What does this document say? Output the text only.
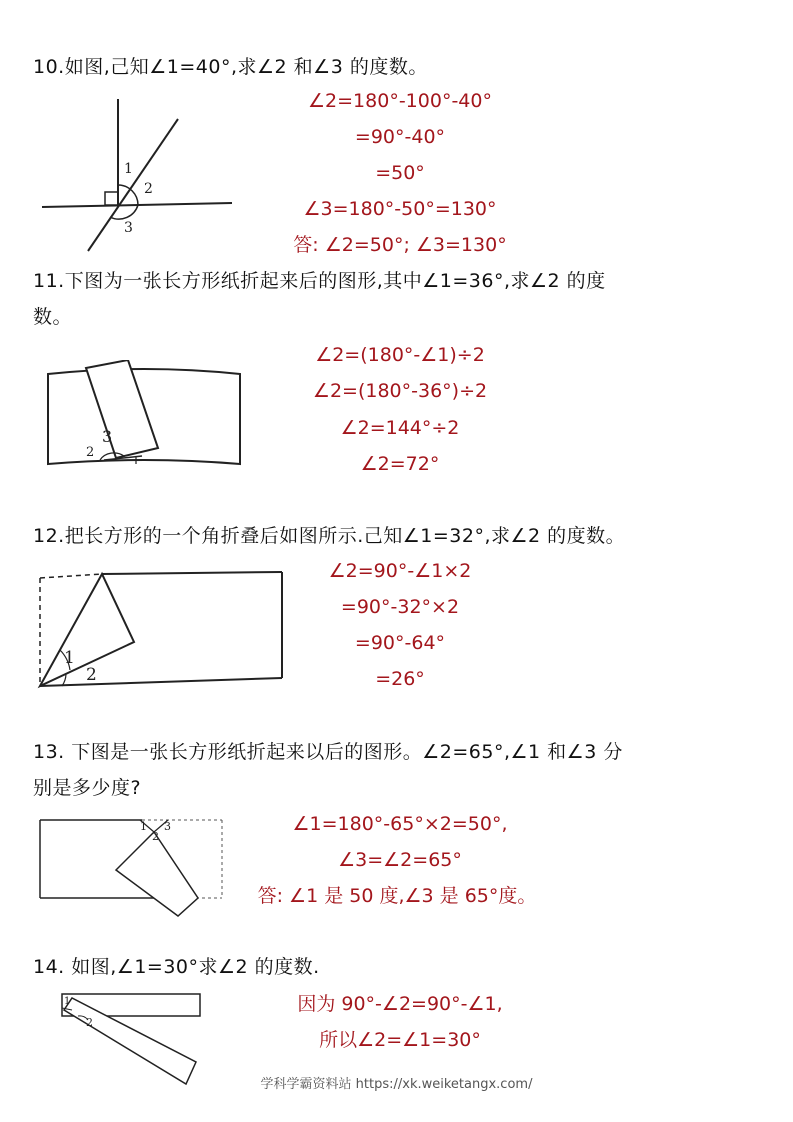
10.如图,己知∠1=40°,求∠2 和∠3 的度数。
1
2
3
∠2=180°-100°-40°
=90°-40°
=50°
∠3=180°-50°=130°
答: ∠2=50°; ∠3=130°
11.下图为一张长方形纸折起来后的图形,其中∠1=36°,求∠2 的度
数。
2
3
∠2=(180°-∠1)÷2
∠2=(180°-36°)÷2
∠2=144°÷2
∠2=72°
12.把长方形的一个角折叠后如图所示.己知∠1=32°,求∠2 的度数。
1
2
∠2=90°-∠1×2
=90°-32°×2
=90°-64°
=26°
13. 下图是一张长方形纸折起来以后的图形。∠2=65°,∠1 和∠3 分
别是多少度?
1 3
2
∠1=180°-65°×2=50°,
∠3=∠2=65°
答: ∠1 是 50 度,∠3 是 65°度。
14. 如图,∠1=30°求∠2 的度数.
1
2
因为 90°-∠2=90°-∠1,
所以∠2=∠1=30°
学科学霸资料站 https://xk.weiketangx.com/
